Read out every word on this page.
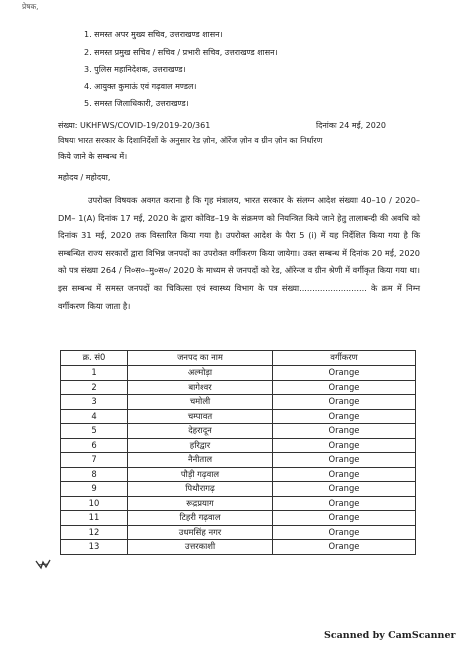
प्रेषक,
1. समस्त अपर मुख्य सचिव, उत्तराखण्ड शासन।
2. समस्त प्रमुख सचिव / सचिव / प्रभारी सचिव, उत्तराखण्ड शासन।
3. पुलिस महानिदेशक, उत्तराखण्ड।
4. आयुक्त कुमाऊं एवं गढ़वाल मण्डल।
5. समस्त जिलाधिकारी, उत्तराखण्ड।
संख्या: UKHFWS/COVID-19/2019-20/361	दिनांकः 24 मई, 2020
विषयः भारत सरकार के दिशानिर्देशों के अनुसार रेड ज़ोन, ऑरेंज ज़ोन व ग्रीन ज़ोन का निर्धारण
किये जाने के सम्बन्ध में।
महोदय / महोदया,
उपरोक्त विषयक अवगत कराना है कि गृह मंत्रालय, भारत सरकार के संलग्न आदेश संख्याः 40–10 / 2020–DM– 1(A) दिनांक 17 मई, 2020 के द्वारा कोविड–19 के संक्रमण को नियन्त्रित किये जाने हेतु तालाबन्दी की अवधि को दिनांक 31 मई, 2020 तक विस्तारित किया गया है। उपरोक्त आदेश के पैरा 5 (i) में यह निर्देशित किया गया है कि सम्बन्धित राज्य सरकारों द्वारा विभिन्न जनपदों का उपरोक्त वर्गीकरण किया जायेगा। उक्त सम्बन्ध में दिनांक 20 मई, 2020 को पत्र संख्या 264 / नि०स०–मु०स०/ 2020 के माध्यम से जनपदों को रेड, ऑरेन्ज व ग्रीन श्रेणी में वर्गीकृत किया गया था। इस सम्बन्ध में समस्त जनपदों का चिकित्सा एवं स्वास्थ्य विभाग के पत्र संख्या.......................... के क्रम में निम्न वर्गीकरण किया जाता है।
क्र. सं0	जनपद का नाम	वर्गीकरण
1	अल्मोड़ा	Orange
2	बागेश्वर	Orange
3	चमोली	Orange
4	चम्पावत	Orange
5	देहरादून	Orange
6	हरिद्वार	Orange
7	नैनीताल	Orange
8	पौड़ी गढ़वाल	Orange
9	पिथौरागढ़	Orange
10	रूद्रप्रयाग	Orange
11	टिहरी गढ़वाल	Orange
12	उधमसिंह नगर	Orange
13	उत्तरकाशी	Orange
Scanned by CamScanner
